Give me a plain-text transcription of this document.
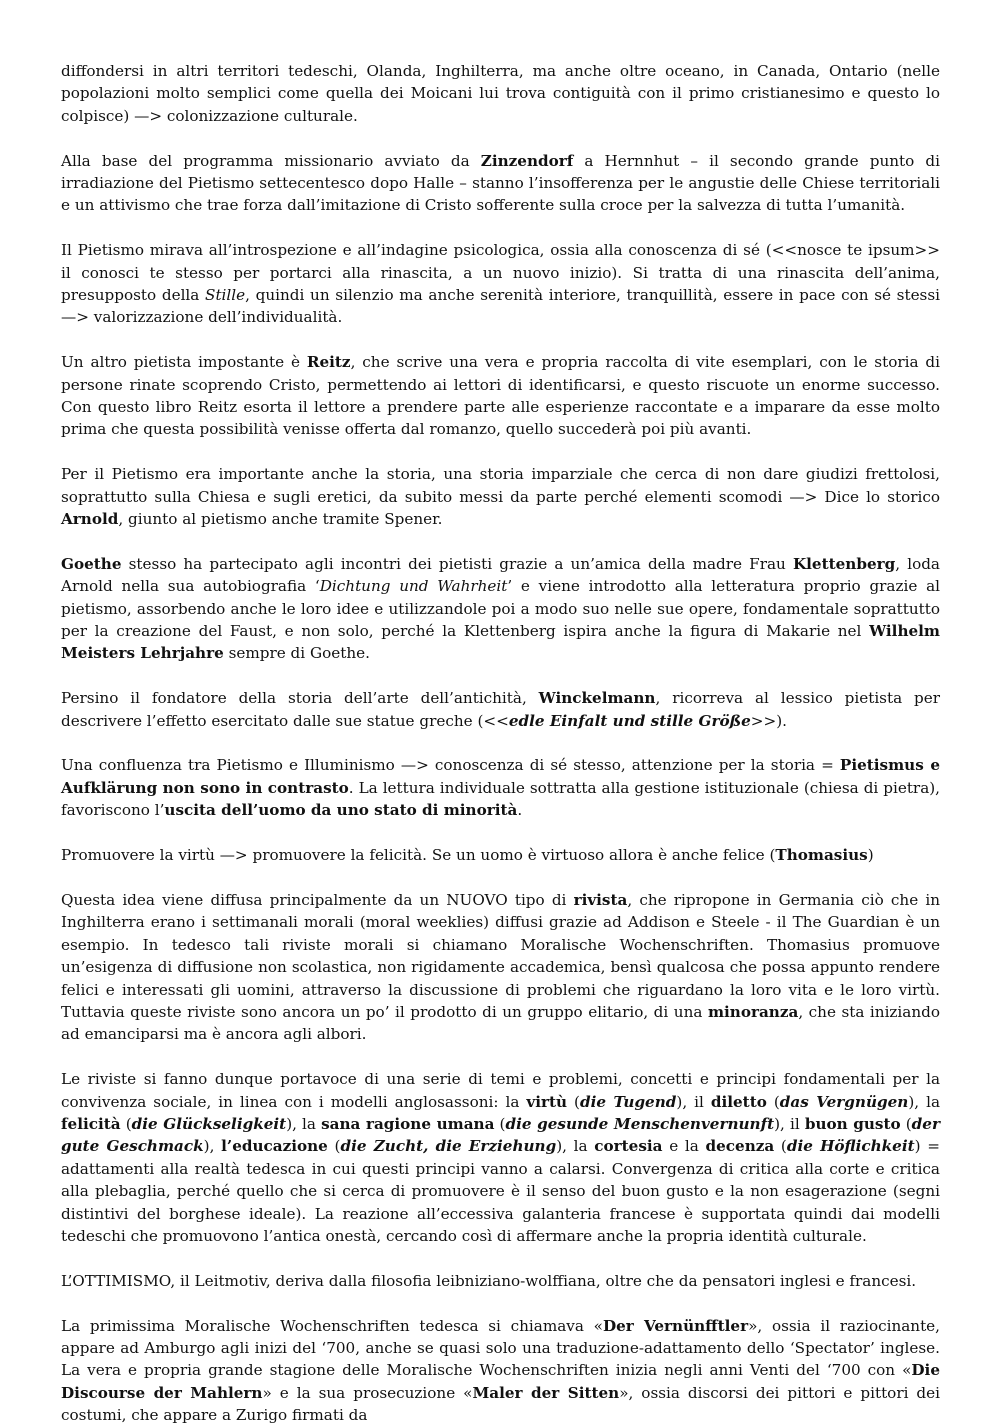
diffondersi in altri territori tedeschi, Olanda, Inghilterra, ma anche oltre oceano, in Canada, Ontario (nelle popolazioni molto semplici come quella dei Moicani lui trova contiguità con il primo cristianesimo e questo lo colpisce) —> colonizzazione culturale.

Alla base del programma missionario avviato da Zinzendorf a Hernnhut – il secondo grande punto di irradiazione del Pietismo settecentesco dopo Halle – stanno l’insofferenza per le angustie delle Chiese territoriali e un attivismo che trae forza dall’imitazione di Cristo sofferente sulla croce per la salvezza di tutta l’umanità.

Il Pietismo mirava all’introspezione e all’indagine psicologica, ossia alla conoscenza di sé (<<nosce te ipsum>> il conosci te stesso per portarci alla rinascita, a un nuovo inizio). Si tratta di una rinascita dell’anima, presupposto della Stille, quindi un silenzio ma anche serenità interiore, tranquillità, essere in pace con sé stessi —> valorizzazione dell’individualità.

Un altro pietista impostante è Reitz, che scrive una vera e propria raccolta di vite esemplari, con le storia di persone rinate scoprendo Cristo, permettendo ai lettori di identificarsi, e questo riscuote un enorme successo. Con questo libro Reitz esorta il lettore a prendere parte alle esperienze raccontate e a imparare da esse molto prima che questa possibilità venisse offerta dal romanzo, quello succederà poi più avanti.

Per il Pietismo era importante anche la storia, una storia imparziale che cerca di non dare giudizi frettolosi, soprattutto sulla Chiesa e sugli eretici, da subito messi da parte perché elementi scomodi —> Dice lo storico Arnold, giunto al pietismo anche tramite Spener.

Goethe stesso ha partecipato agli incontri dei pietisti grazie a un’amica della madre Frau Klettenberg, loda Arnold nella sua autobiografia ‘Dichtung und Wahrheit’ e viene introdotto alla letteratura proprio grazie al pietismo, assorbendo anche le loro idee e utilizzandole poi a modo suo nelle sue opere, fondamentale soprattutto per la creazione del Faust, e non solo, perché la Klettenberg ispira anche la figura di Makarie nel Wilhelm Meisters Lehrjahre sempre di Goethe.

Persino il fondatore della storia dell’arte dell’antichità, Winckelmann, ricorreva al lessico pietista per descrivere l’effetto esercitato dalle sue statue greche (<<edle Einfalt und stille Größe>>).

Una confluenza tra Pietismo e Illuminismo —> conoscenza di sé stesso, attenzione per la storia = Pietismus e Aufklärung non sono in contrasto. La lettura individuale sottratta alla gestione istituzionale (chiesa di pietra), favoriscono l’uscita dell’uomo da uno stato di minorità.

Promuovere la virtù —> promuovere la felicità. Se un uomo è virtuoso allora è anche felice (Thomasius)

Questa idea viene diffusa principalmente da un NUOVO tipo di rivista, che ripropone in Germania ciò che in Inghilterra erano i settimanali morali (moral weeklies) diffusi grazie ad Addison e Steele - il The Guardian è un esempio. In tedesco tali riviste morali si chiamano Moralische Wochenschriften. Thomasius promuove un’esigenza di diffusione non scolastica, non rigidamente accademica, bensì qualcosa che possa appunto rendere felici e interessati gli uomini, attraverso la discussione di problemi che riguardano la loro vita e le loro virtù. Tuttavia queste riviste sono ancora un po’ il prodotto di un gruppo elitario, di una minoranza, che sta iniziando ad emanciparsi ma è ancora agli albori.

Le riviste si fanno dunque portavoce di una serie di temi e problemi, concetti e principi fondamentali per la convivenza sociale, in linea con i modelli anglosassoni: la virtù (die Tugend), il diletto (das Vergnügen), la felicità (die Glückseligkeit), la sana ragione umana (die gesunde Menschenvernunft), il buon gusto (der gute Geschmack), l’educazione (die Zucht, die Erziehung), la cortesia e la decenza (die Höflichkeit) = adattamenti alla realtà tedesca in cui questi principi vanno a calarsi. Convergenza di critica alla corte e critica alla plebaglia, perché quello che si cerca di promuovere è il senso del buon gusto e la non esagerazione (segni distintivi del borghese ideale). La reazione all’eccessiva galanteria francese è supportata quindi dai modelli tedeschi che promuovono l’antica onestà, cercando così di affermare anche la propria identità culturale.

L’OTTIMISMO, il Leitmotiv, deriva dalla filosofia leibniziano-wolffiana, oltre che da pensatori inglesi e francesi.

La primissima Moralische Wochenschriften tedesca si chiamava «Der Vernünfftler», ossia il raziocinante, appare ad Amburgo agli inizi del ‘700, anche se quasi solo una traduzione-adattamento dello ‘Spectator’ inglese. La vera e propria grande stagione delle Moralische Wochenschriften inizia negli anni Venti del ‘700 con «Die Discourse der Mahlern» e la sua prosecuzione «Maler der Sitten», ossia discorsi dei pittori e pittori dei costumi, che appare a Zurigo firmati da
